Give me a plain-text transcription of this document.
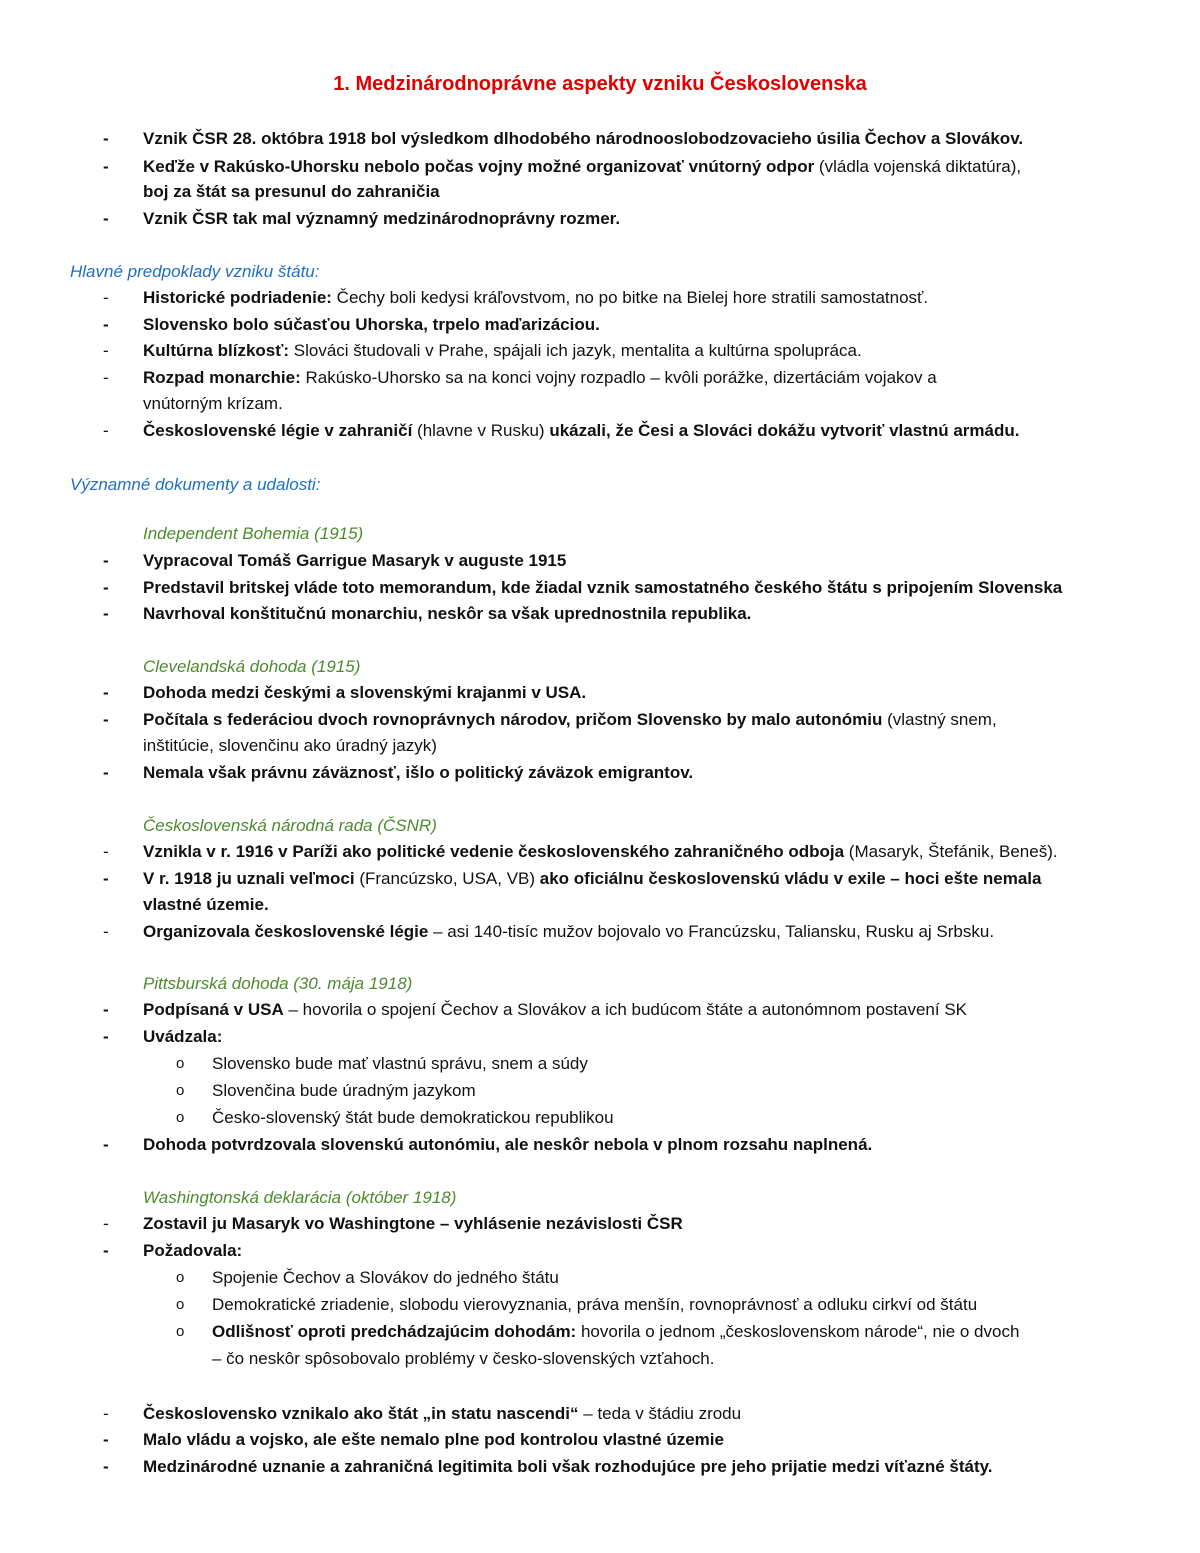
1. Medzinárodnoprávne aspekty vzniku Československa
- Vznik ČSR 28. októbra 1918 bol výsledkom dlhodobého národnooslobodzovacieho úsilia Čechov a Slovákov.
- Keďže v Rakúsko-Uhorsku nebolo počas vojny možné organizovať vnútorný odpor (vládla vojenská diktatúra),
boj za štát sa presunul do zahraničia
- Vznik ČSR tak mal významný medzinárodnoprávny rozmer.
Hlavné predpoklady vzniku štátu:
- Historické podriadenie: Čechy boli kedysi kráľovstvom, no po bitke na Bielej hore stratili samostatnosť.
- Slovensko bolo súčasťou Uhorska, trpelo maďarizáciou.
- Kultúrna blízkosť: Slováci študovali v Prahe, spájali ich jazyk, mentalita a kultúrna spolupráca.
- Rozpad monarchie: Rakúsko-Uhorsko sa na konci vojny rozpadlo – kvôli porážke, dizertáciám vojakov a
vnútorným krízam.
- Československé légie v zahraničí (hlavne v Rusku) ukázali, že Česi a Slováci dokážu vytvoriť vlastnú armádu.
Významné dokumenty a udalosti:
Independent Bohemia (1915)
- Vypracoval Tomáš Garrigue Masaryk v auguste 1915
- Predstavil britskej vláde toto memorandum, kde žiadal vznik samostatného českého štátu s pripojením Slovenska
- Navrhoval konštitučnú monarchiu, neskôr sa však uprednostnila republika.
Clevelandská dohoda (1915)
- Dohoda medzi českými a slovenskými krajanmi v USA.
- Počítala s federáciou dvoch rovnoprávnych národov, pričom Slovensko by malo autonómiu (vlastný snem,
inštitúcie, slovenčinu ako úradný jazyk)
- Nemala však právnu záväznosť, išlo o politický záväzok emigrantov.
Československá národná rada (ČSNR)
- Vznikla v r. 1916 v Paríži ako politické vedenie československého zahraničného odboja (Masaryk, Štefánik, Beneš).
- V r. 1918 ju uznali veľmoci (Francúzsko, USA, VB) ako oficiálnu československú vládu v exile – hoci ešte nemala
vlastné územie.
- Organizovala československé légie – asi 140-tisíc mužov bojovalo vo Francúzsku, Taliansku, Rusku aj Srbsku.
Pittsburská dohoda (30. mája 1918)
- Podpísaná v USA – hovorila o spojení Čechov a Slovákov a ich budúcom štáte a autonómnom postavení SK
- Uvádzala:
o Slovensko bude mať vlastnú správu, snem a súdy
o Slovenčina bude úradným jazykom
o Česko-slovenský štát bude demokratickou republikou
- Dohoda potvrdzovala slovenskú autonómiu, ale neskôr nebola v plnom rozsahu naplnená.
Washingtonská deklarácia (október 1918)
- Zostavil ju Masaryk vo Washingtone – vyhlásenie nezávislosti ČSR
- Požadovala:
o Spojenie Čechov a Slovákov do jedného štátu
o Demokratické zriadenie, slobodu vierovyznania, práva menšín, rovnoprávnosť a odluku cirkví od štátu
o Odlišnosť oproti predchádzajúcim dohodám: hovorila o jednom „československom národe“, nie o dvoch
– čo neskôr spôsobovalo problémy v česko-slovenských vzťahoch.
- Československo vznikalo ako štát „in statu nascendi“ – teda v štádiu zrodu
- Malo vládu a vojsko, ale ešte nemalo plne pod kontrolou vlastné územie
- Medzinárodné uznanie a zahraničná legitimita boli však rozhodujúce pre jeho prijatie medzi víťazné štáty.
